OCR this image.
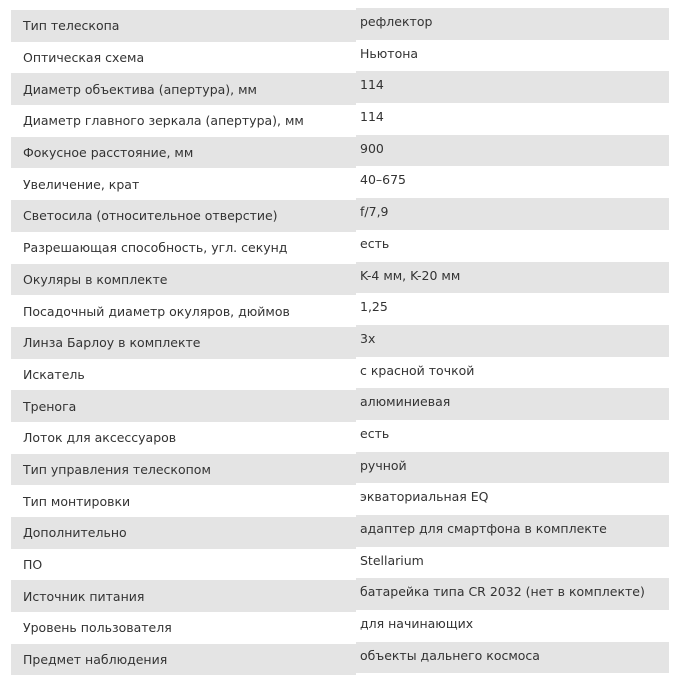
Тип телескопа	рефлектор
Оптическая схема	Ньютона
Диаметр объектива (апертура), мм	114
Диаметр главного зеркала (апертура), мм	114
Фокусное расстояние, мм	900
Увеличение, крат	40–675
Светосила (относительное отверстие)	f/7,9
Разрешающая способность, угл. секунд	есть
Окуляры в комплекте	K-4 мм, K-20 мм
Посадочный диаметр окуляров, дюймов	1,25
Линза Барлоу в комплекте	3x
Искатель	с красной точкой
Тренога	алюминиевая
Лоток для аксессуаров	есть
Тип управления телескопом	ручной
Тип монтировки	экваториальная EQ
Дополнительно	адаптер для смартфона в комплекте
ПО	Stellarium
Источник питания	батарейка типа CR 2032 (нет в комплекте)
Уровень пользователя	для начинающих
Предмет наблюдения	объекты дальнего космоса
